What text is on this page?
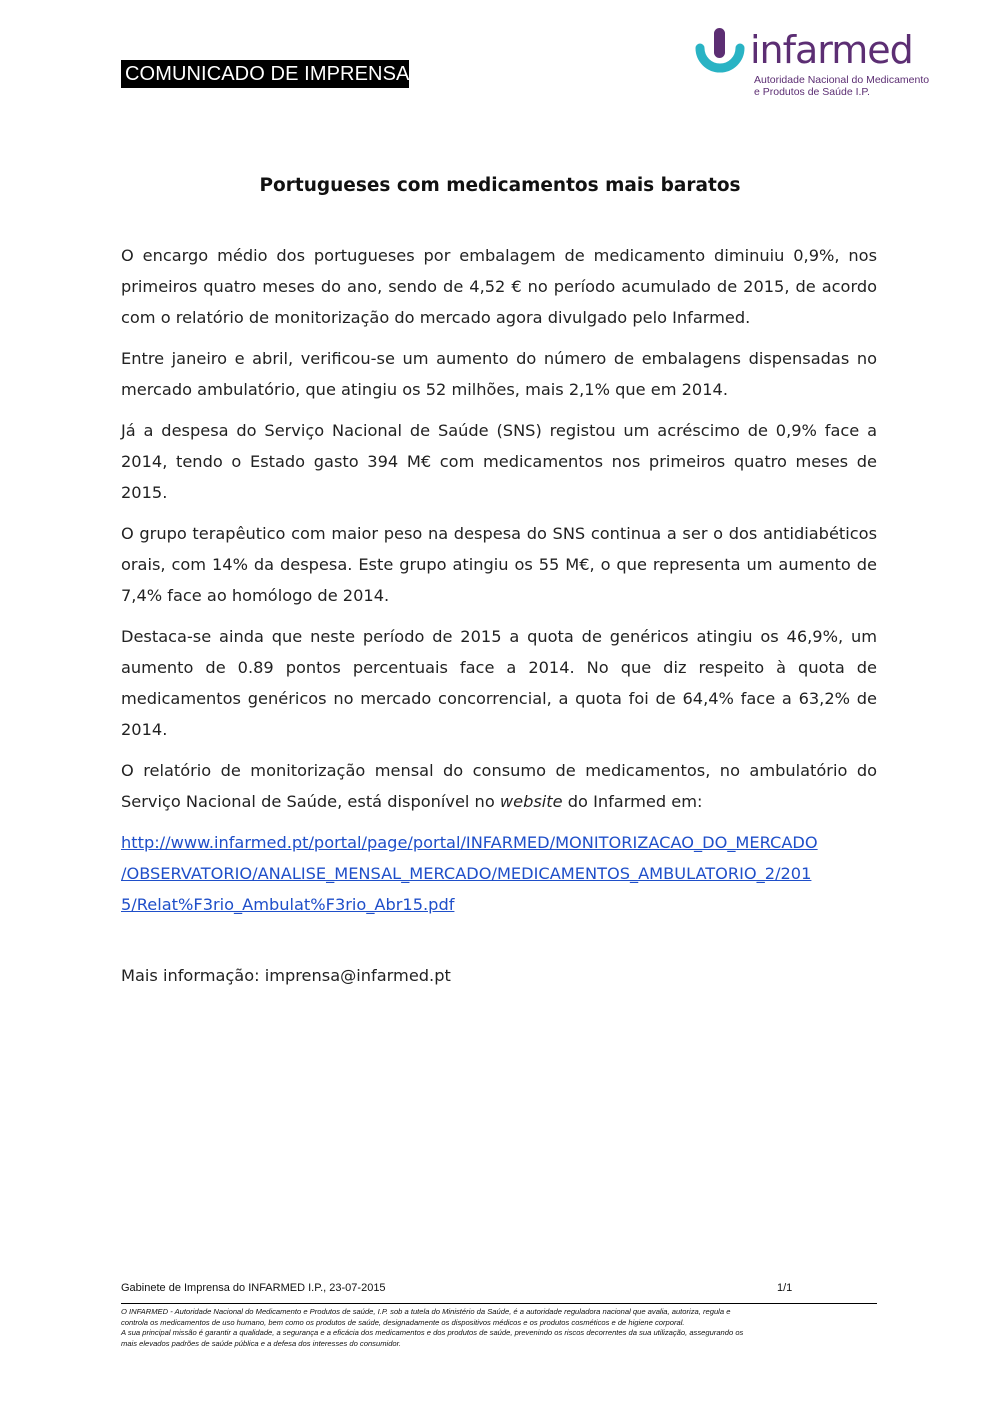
COMUNICADO DE IMPRENSA
infarmed
Autoridade Nacional do Medicamento
e Produtos de Saúde I.P.
Portugueses com medicamentos mais baratos

O encargo médio dos portugueses por embalagem de medicamento diminuiu 0,9%, nos primeiros quatro meses do ano, sendo de 4,52 € no período acumulado de 2015, de acordo com o relatório de monitorização do mercado agora divulgado pelo Infarmed.

Entre janeiro e abril, verificou-se um aumento do número de embalagens dispensadas no mercado ambulatório, que atingiu os 52 milhões, mais 2,1% que em 2014.

Já a despesa do Serviço Nacional de Saúde (SNS) registou um acréscimo de 0,9% face a 2014, tendo o Estado gasto 394 M€ com medicamentos nos primeiros quatro meses de 2015.

O grupo terapêutico com maior peso na despesa do SNS continua a ser o dos antidiabéticos orais, com 14% da despesa. Este grupo atingiu os 55 M€, o que representa um aumento de 7,4% face ao homólogo de 2014.

Destaca-se ainda que neste período de 2015 a quota de genéricos atingiu os 46,9%, um aumento de 0.89 pontos percentuais face a 2014. No que diz respeito à quota de medicamentos genéricos no mercado concorrencial, a quota foi de 64,4% face a 63,2% de 2014.

O relatório de monitorização mensal do consumo de medicamentos, no ambulatório do Serviço Nacional de Saúde, está disponível no website do Infarmed em:

http://www.infarmed.pt/portal/page/portal/INFARMED/MONITORIZACAO_DO_MERCADO
/OBSERVATORIO/ANALISE_MENSAL_MERCADO/MEDICAMENTOS_AMBULATORIO_2/201
5/Relat%F3rio_Ambulat%F3rio_Abr15.pdf

Mais informação: imprensa@infarmed.pt

Gabinete de Imprensa do INFARMED I.P., 23-07-2015	1/1
O INFARMED - Autoridade Nacional do Medicamento e Produtos de saúde, I.P. sob a tutela do Ministério da Saúde, é a autoridade reguladora nacional que avalia, autoriza, regula e
controla os medicamentos de uso humano, bem como os produtos de saúde, designadamente os dispositivos médicos e os produtos cosméticos e de higiene corporal.
A sua principal missão é garantir a qualidade, a segurança e a eficácia dos medicamentos e dos produtos de saúde, prevenindo os riscos decorrentes da sua utilização, assegurando os
mais elevados padrões de saúde pública e a defesa dos interesses do consumidor.
